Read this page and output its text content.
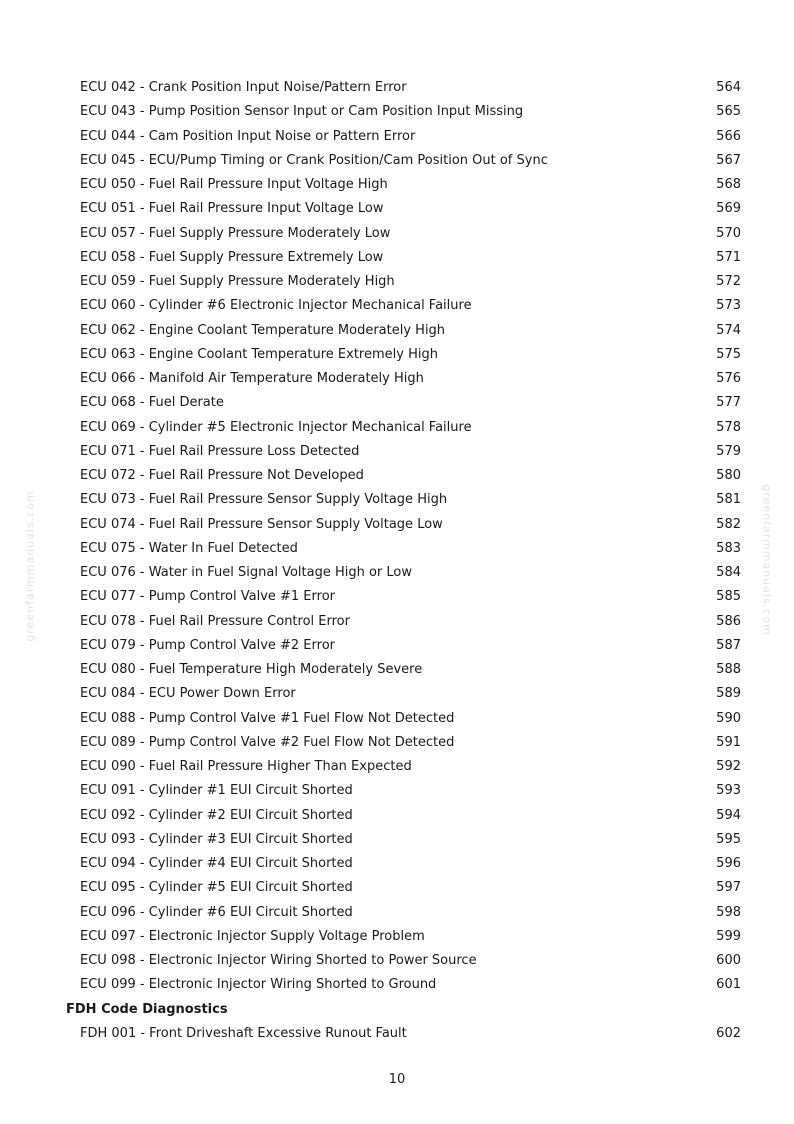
greenfarmmanuals.com	greenfarmmanuals.com
ECU 042 - Crank Position Input Noise/Pattern Error	564
ECU 043 - Pump Position Sensor Input or Cam Position Input Missing	565
ECU 044 - Cam Position Input Noise or Pattern Error	566
ECU 045 - ECU/Pump Timing or Crank Position/Cam Position Out of Sync	567
ECU 050 - Fuel Rail Pressure Input Voltage High	568
ECU 051 - Fuel Rail Pressure Input Voltage Low	569
ECU 057 - Fuel Supply Pressure Moderately Low	570
ECU 058 - Fuel Supply Pressure Extremely Low	571
ECU 059 - Fuel Supply Pressure Moderately High	572
ECU 060 - Cylinder #6 Electronic Injector Mechanical Failure	573
ECU 062 - Engine Coolant Temperature Moderately High	574
ECU 063 - Engine Coolant Temperature Extremely High	575
ECU 066 - Manifold Air Temperature Moderately High	576
ECU 068 - Fuel Derate	577
ECU 069 - Cylinder #5 Electronic Injector Mechanical Failure	578
ECU 071 - Fuel Rail Pressure Loss Detected	579
ECU 072 - Fuel Rail Pressure Not Developed	580
ECU 073 - Fuel Rail Pressure Sensor Supply Voltage High	581
ECU 074 - Fuel Rail Pressure Sensor Supply Voltage Low	582
ECU 075 - Water In Fuel Detected	583
ECU 076 - Water in Fuel Signal Voltage High or Low	584
ECU 077 - Pump Control Valve #1 Error	585
ECU 078 - Fuel Rail Pressure Control Error	586
ECU 079 - Pump Control Valve #2 Error	587
ECU 080 - Fuel Temperature High Moderately Severe	588
ECU 084 - ECU Power Down Error	589
ECU 088 - Pump Control Valve #1 Fuel Flow Not Detected	590
ECU 089 - Pump Control Valve #2 Fuel Flow Not Detected	591
ECU 090 - Fuel Rail Pressure Higher Than Expected	592
ECU 091 - Cylinder #1 EUI Circuit Shorted	593
ECU 092 - Cylinder #2 EUI Circuit Shorted	594
ECU 093 - Cylinder #3 EUI Circuit Shorted	595
ECU 094 - Cylinder #4 EUI Circuit Shorted	596
ECU 095 - Cylinder #5 EUI Circuit Shorted	597
ECU 096 - Cylinder #6 EUI Circuit Shorted	598
ECU 097 - Electronic Injector Supply Voltage Problem	599
ECU 098 - Electronic Injector Wiring Shorted to Power Source	600
ECU 099 - Electronic Injector Wiring Shorted to Ground	601
FDH Code Diagnostics
FDH 001 - Front Driveshaft Excessive Runout Fault	602
10
